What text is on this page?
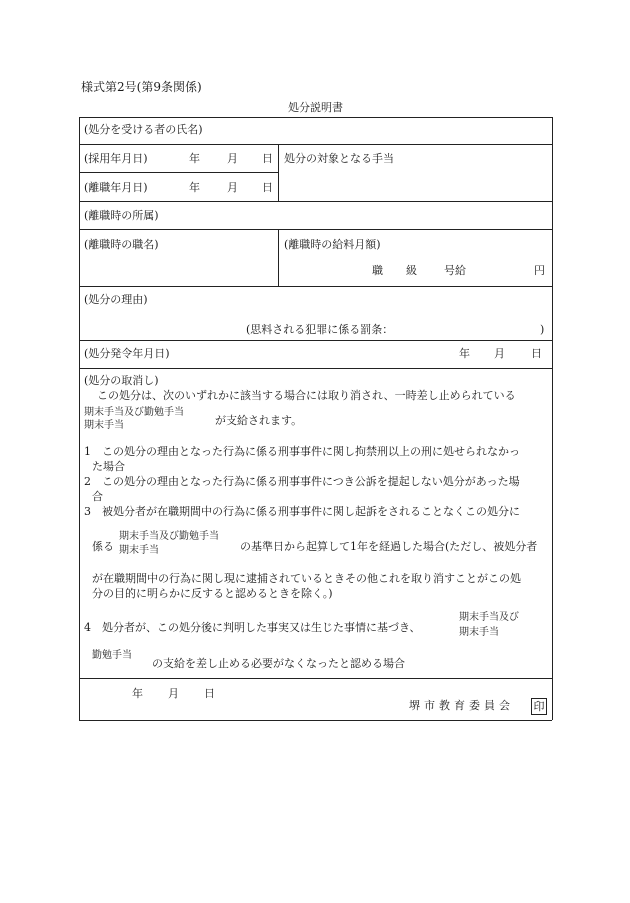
様式第2号(第9条関係)
処分説明書
(処分を受ける者の氏名)
(採用年月日)	年 月 日
(離職年月日)	年 月 日
処分の対象となる手当
(離職時の所属)
(離職時の職名)	(離職時の給料月額)
職 級 号給	円
(処分の理由)
(思料される犯罪に係る罰条：	)
(処分発令年月日)	年 月 日
(処分の取消し)
この処分は、次のいずれかに該当する場合には取り消され、一時差し止められている
期末手当及び勤勉手当
期末手当	が支給されます。
1　この処分の理由となった行為に係る刑事事件に関し拘禁刑以上の刑に処せられなかっ
た場合
2　この処分の理由となった行為に係る刑事事件につき公訴を提起しない処分があった場
合
3　被処分者が在職期間中の行為に係る刑事事件に関し起訴をされることなくこの処分に
係る
期末手当及び勤勉手当
期末手当	の基準日から起算して1年を経過した場合(ただし、被処分者
が在職期間中の行為に関し現に逮捕されているときその他これを取り消すことがこの処
分の目的に明らかに反すると認めるときを除く。)
4　処分者が、この処分後に判明した事実又は生じた事情に基づき、
期末手当及び
期末手当
勤勉手当
の支給を差し止める必要がなくなったと認める場合
年 月 日
堺市教育委員会 印
